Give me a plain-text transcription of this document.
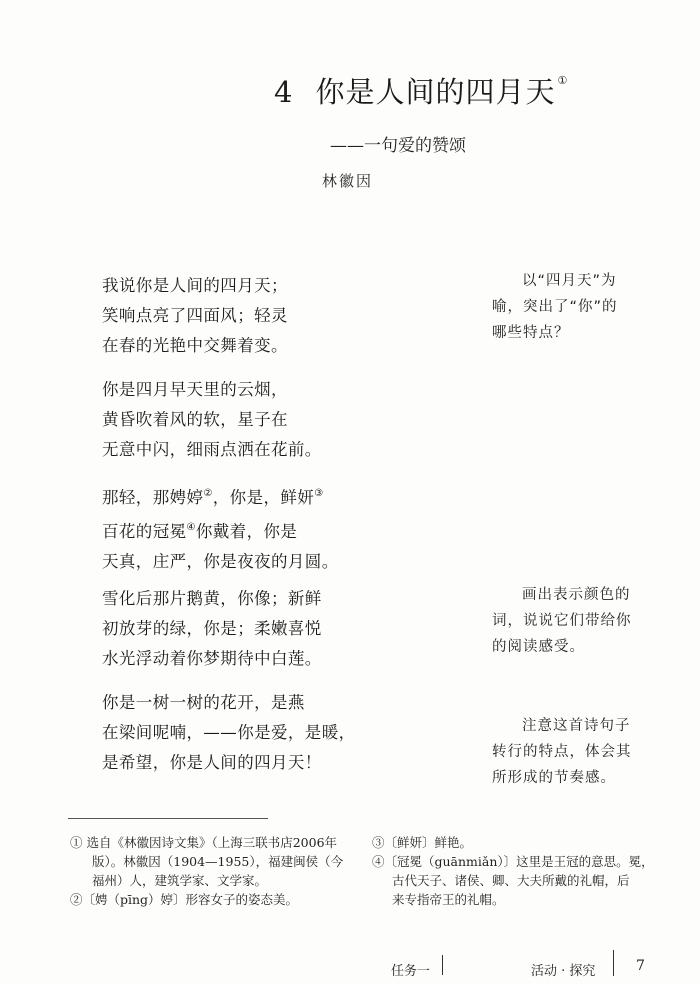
4 你是人间的四月天 ①
——一句爱的赞颂
林徽因
我说你是人间的四月天；
笑响点亮了四面风；轻灵
在春的光艳中交舞着变。
你是四月早天里的云烟，
黄昏吹着风的软，星子在
无意中闪，细雨点洒在花前。
那轻，那娉婷②，你是，鲜妍③
百花的冠冕④你戴着，你是
天真，庄严，你是夜夜的月圆。
雪化后那片鹅黄，你像；新鲜
初放芽的绿，你是；柔嫩喜悦
水光浮动着你梦期待中白莲。
你是一树一树的花开，是燕
在梁间呢喃，——你是爱，是暖，
是希望，你是人间的四月天！
以“四月天”为
喻，突出了“你”的
哪些特点？
画出表示颜色的
词，说说它们带给你
的阅读感受。
注意这首诗句子
转行的特点，体会其
所形成的节奏感。
① 选自《林徽因诗文集》（上海三联书店2006年
版）。林徽因（1904—1955），福建闽侯（今
福州）人，建筑学家、文学家。
②〔娉（pīng）婷〕形容女子的姿态美。
③〔鲜妍〕鲜艳。
④〔冠冕（guānmiǎn）〕这里是王冠的意思。冕，
古代天子、诸侯、卿、大夫所戴的礼帽，后
来专指帝王的礼帽。
任务一	活动 · 探究	7
